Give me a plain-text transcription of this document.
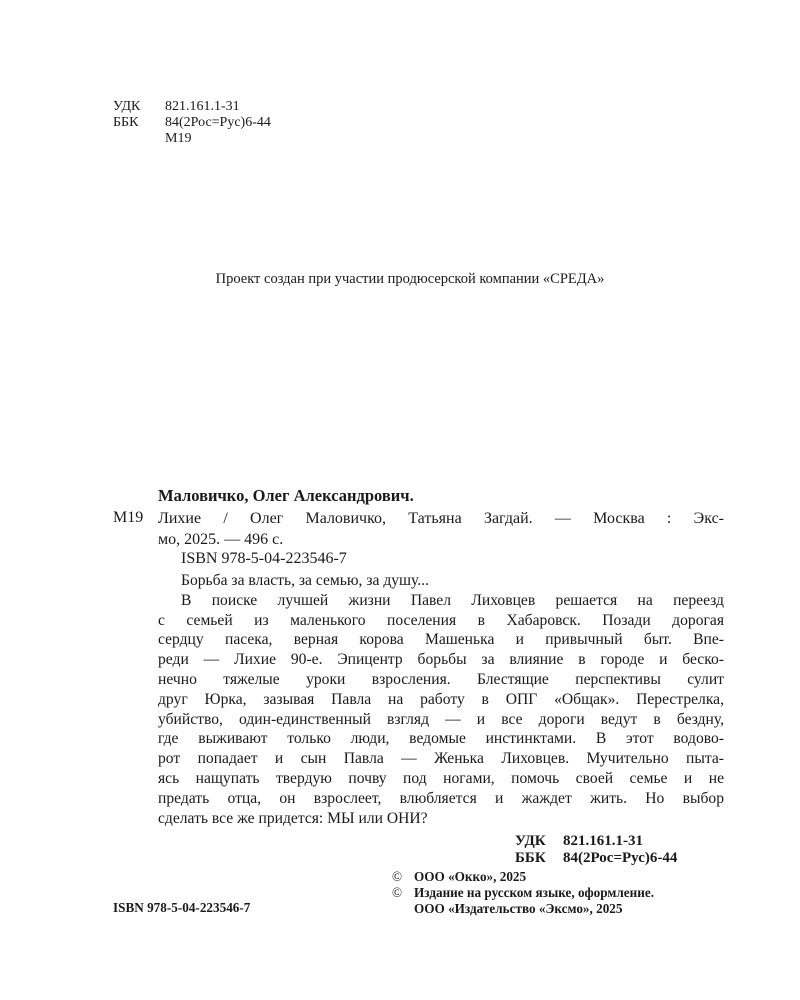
УДК	821.161.1-31
ББК	84(2Рос=Рус)6-44
М19
Проект создан при участии продюсерской компании «СРЕДА»
Маловичко, Олег Александрович.
М19 Лихие / Олег Маловичко, Татьяна Загдай. — Москва : Экс-
мо, 2025. — 496 с.
ISBN 978-5-04-223546-7
Борьба за власть, за семью, за душу...
В поиске лучшей жизни Павел Лиховцев решается на переезд
с семьей из маленького поселения в Хабаровск. Позади дорогая
сердцу пасека, верная корова Машенька и привычный быт. Впе-
реди — Лихие 90-е. Эпицентр борьбы за влияние в городе и беско-
нечно тяжелые уроки взросления. Блестящие перспективы сулит
друг Юрка, зазывая Павла на работу в ОПГ «Общак». Перестрелка,
убийство, один-единственный взгляд — и все дороги ведут в бездну,
где выживают только люди, ведомые инстинктами. В этот водово-
рот попадает и сын Павла — Женька Лиховцев. Мучительно пыта-
ясь нащупать твердую почву под ногами, помочь своей семье и не
предать отца, он взрослеет, влюбляется и жаждет жить. Но выбор
сделать все же придется: МЫ или ОНИ?
УДК	821.161.1-31
ББК	84(2Рос=Рус)6-44
© ООО «Окко», 2025
© Издание на русском языке, оформление.
ООО «Издательство «Эксмо», 2025
ISBN 978-5-04-223546-7
